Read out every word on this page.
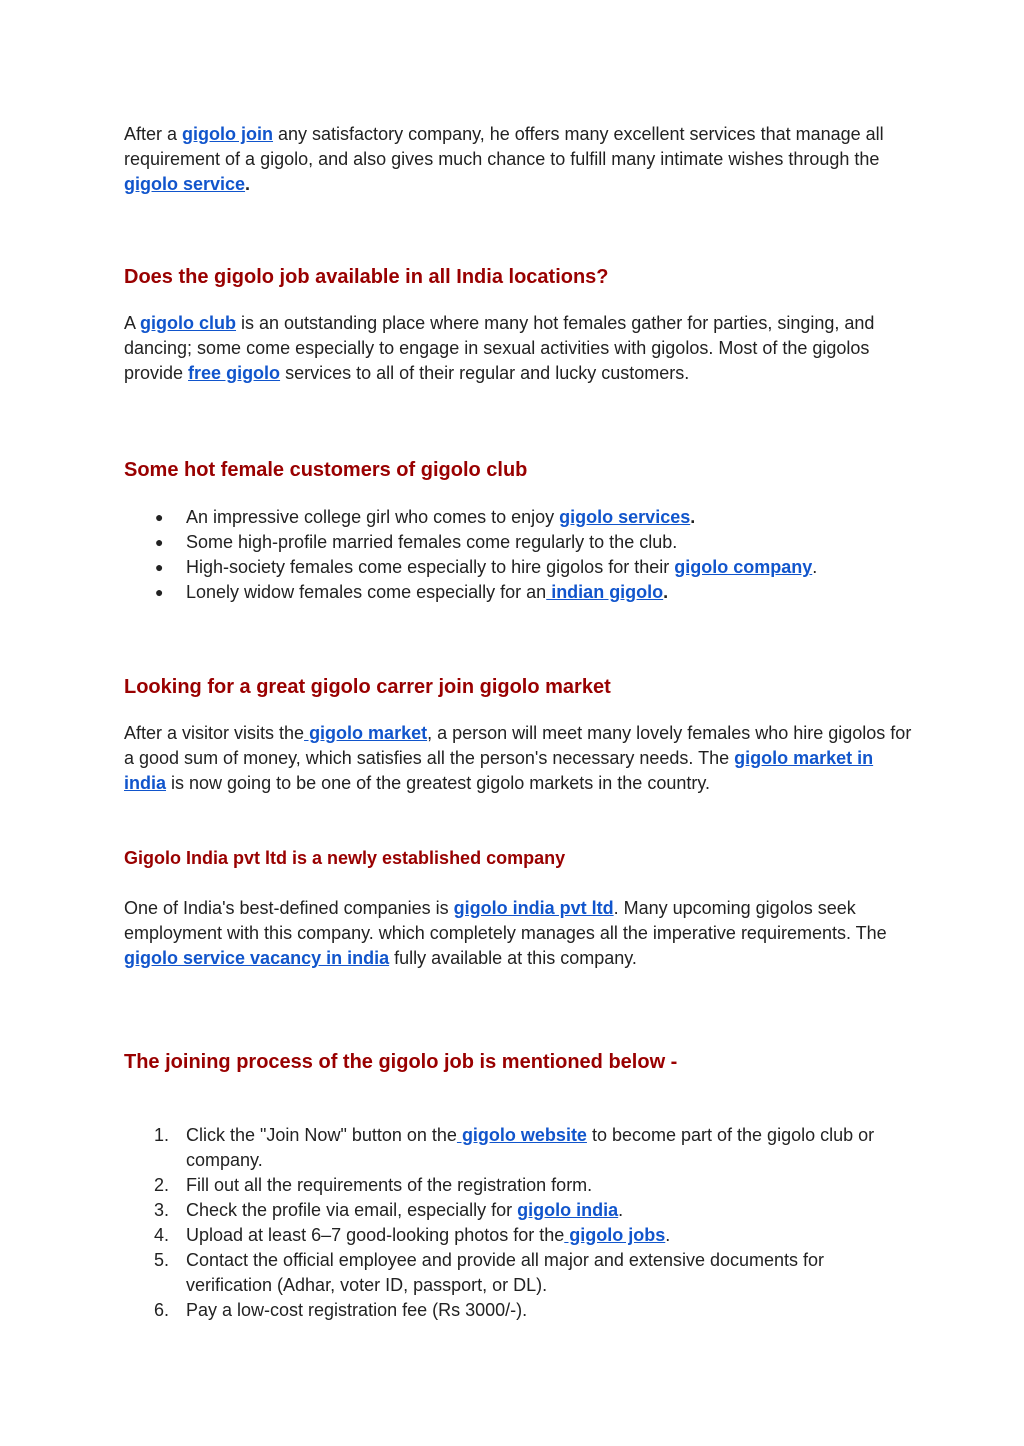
After a gigolo join any satisfactory company, he offers many excellent services that manage all requirement of a gigolo, and also gives much chance to fulfill many intimate wishes through the gigolo service.

Does the gigolo job available in all India locations?

A gigolo club is an outstanding place where many hot females gather for parties, singing, and dancing; some come especially to engage in sexual activities with gigolos. Most of the gigolos provide free gigolo services to all of their regular and lucky customers.

Some hot female customers of gigolo club
● An impressive college girl who comes to enjoy gigolo services.
● Some high-profile married females come regularly to the club.
● High-society females come especially to hire gigolos for their gigolo company.
● Lonely widow females come especially for an indian gigolo.
Looking for a great gigolo carrer join gigolo market

After a visitor visits the gigolo market, a person will meet many lovely females who hire gigolos for a good sum of money, which satisfies all the person's necessary needs. The gigolo market in india is now going to be one of the greatest gigolo markets in the country.

Gigolo India pvt ltd is a newly established company

One of India's best-defined companies is gigolo india pvt ltd. Many upcoming gigolos seek employment with this company. which completely manages all the imperative requirements. The gigolo service vacancy in india fully available at this company.

The joining process of the gigolo job is mentioned below -
1. Click the "Join Now" button on the gigolo website to become part of the gigolo club or company.
2. Fill out all the requirements of the registration form.
3. Check the profile via email, especially for gigolo india.
4. Upload at least 6–7 good-looking photos for the gigolo jobs.
5. Contact the official employee and provide all major and extensive documents for verification (Adhar, voter ID, passport, or DL).
6. Pay a low-cost registration fee (Rs 3000/-).
